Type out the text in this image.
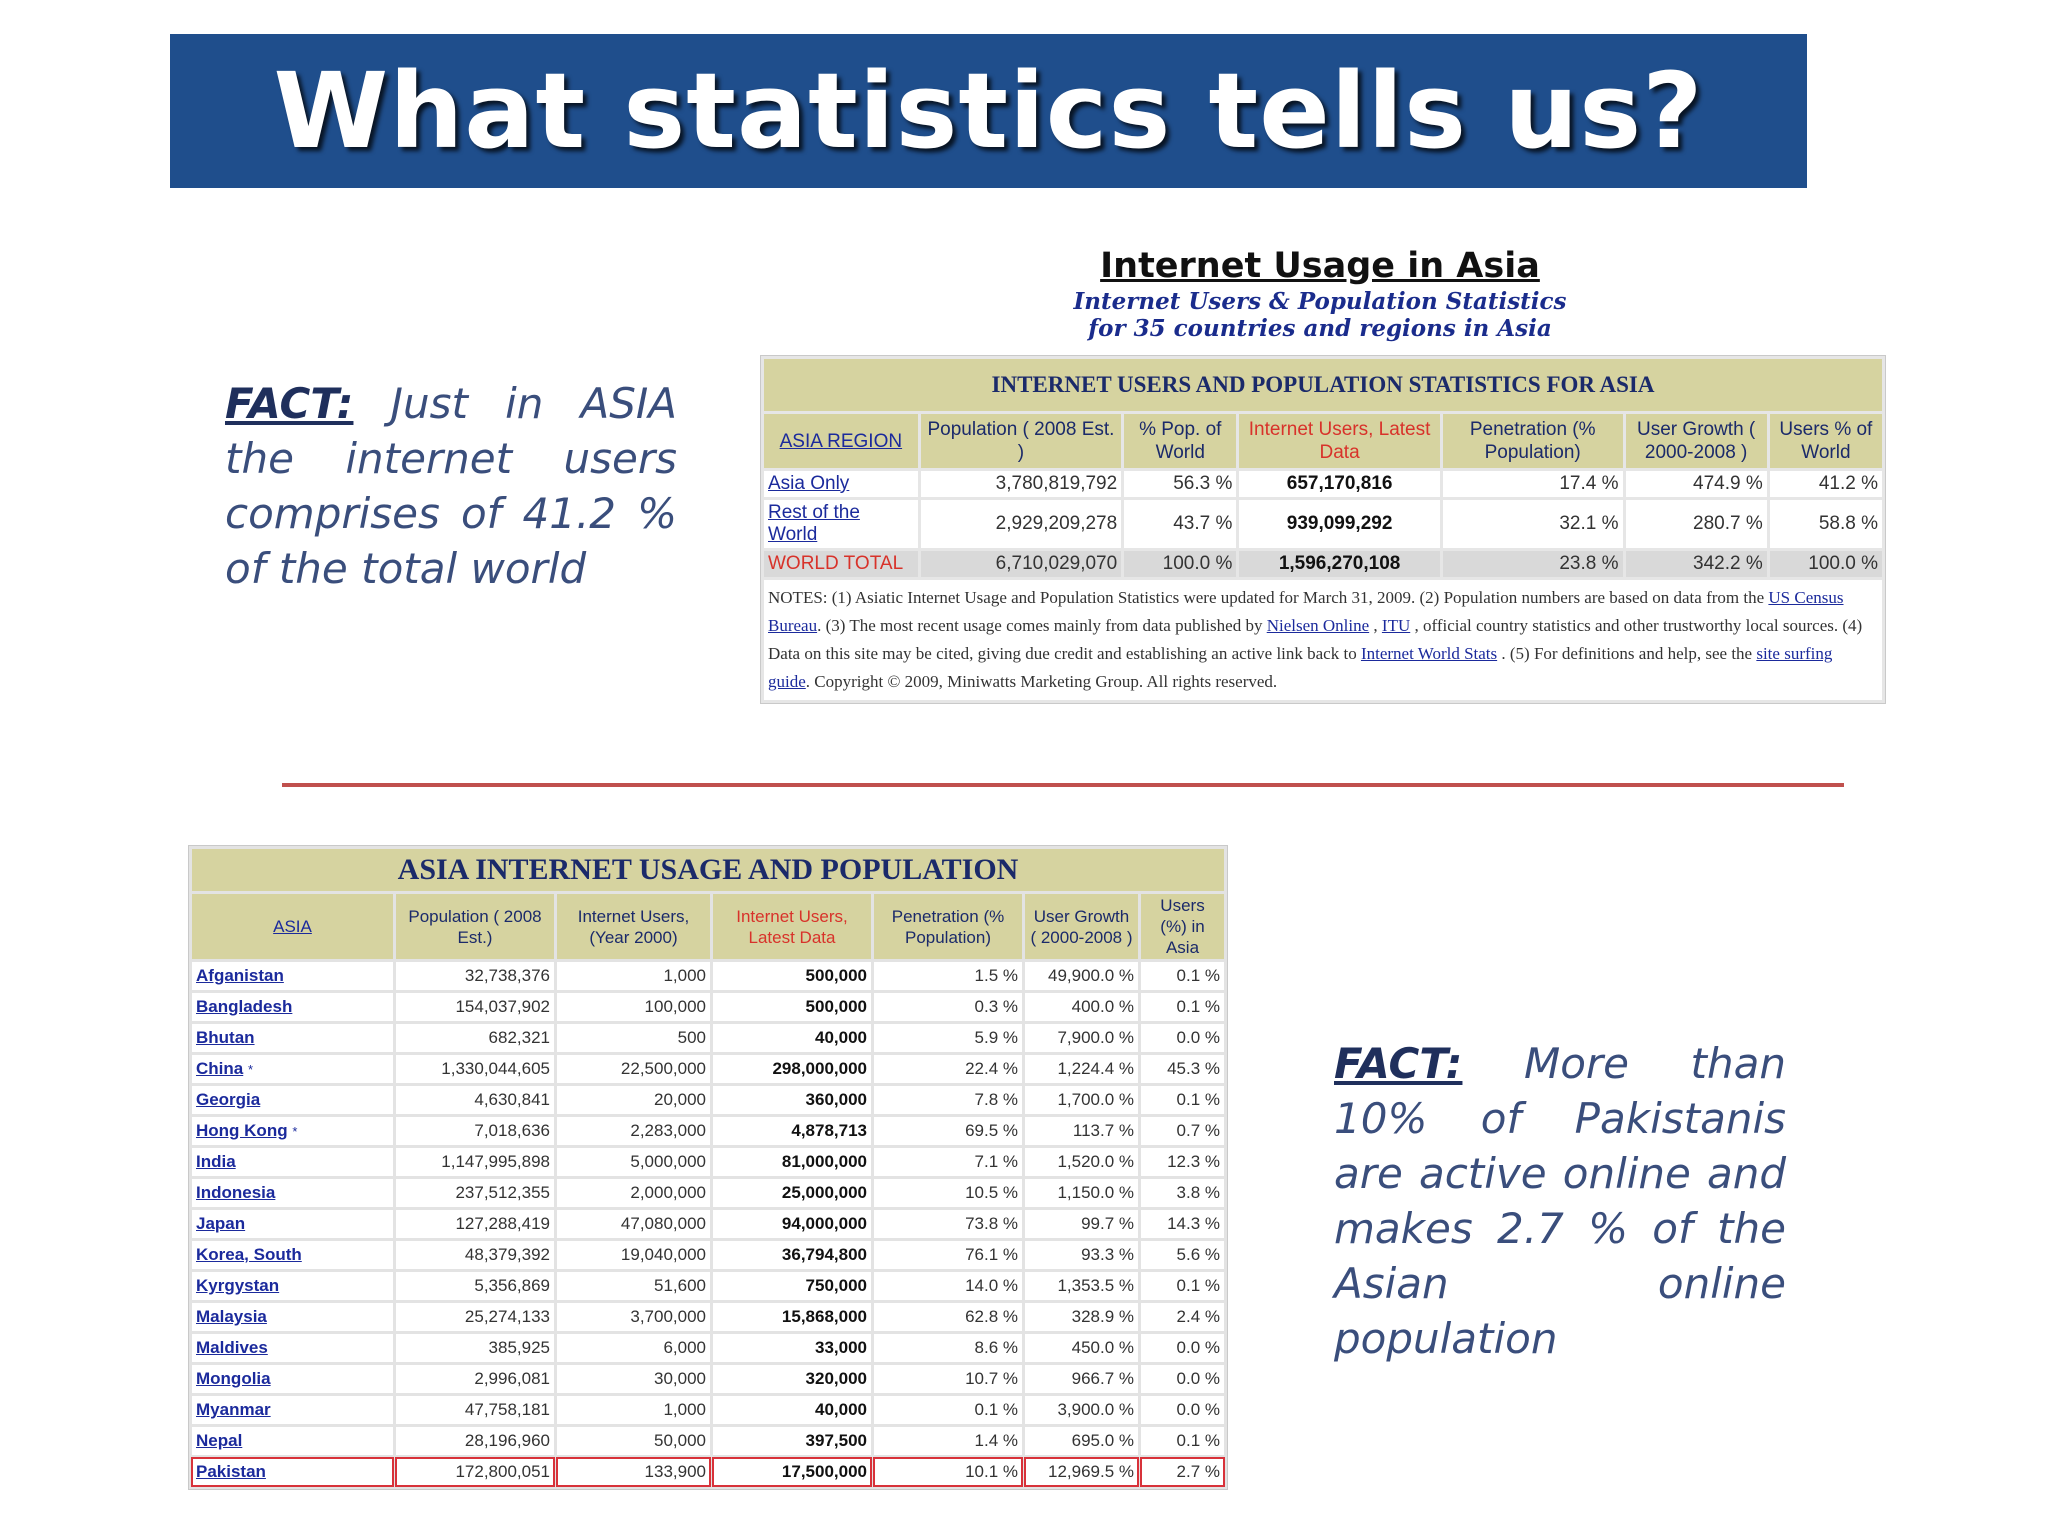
What statistics tells us?
FACT: Just in ASIA the internet users comprises of 41.2 % of the total world
Internet Usage in Asia
Internet Users & Population Statistics
for 35 countries and regions in Asia
INTERNET USERS AND POPULATION STATISTICS FOR ASIA						
ASIA REGION	Population ( 2008 Est. )	% Pop. of World	Internet Users, Latest Data	Penetration (% Population)	User Growth ( 2000-2008 )	Users % of World
Asia Only	3,780,819,792	56.3 %	657,170,816	17.4 %	474.9 %	41.2 %
Rest of the World	2,929,209,278	43.7 %	939,099,292	32.1 %	280.7 %	58.8 %
WORLD TOTAL	6,710,029,070	100.0 %	1,596,270,108	23.8 %	342.2 %	100.0 %
NOTES: (1) Asiatic Internet Usage and Population Statistics were updated for March 31, 2009. (2) Population numbers are based on data from the US Census Bureau. (3) The most recent usage comes mainly from data published by Nielsen Online , ITU , official country statistics and other trustworthy local sources. (4) Data on this site may be cited, giving due credit and establishing an active link back to Internet World Stats . (5) For definitions and help, see the site surfing guide. Copyright © 2009, Miniwatts Marketing Group. All rights reserved.						
ASIA INTERNET USAGE AND POPULATION						
ASIA	Population ( 2008 Est.)	Internet Users, (Year 2000)	Internet Users, Latest Data	Penetration (% Population)	User Growth ( 2000-2008 )	Users (%) in Asia
Afganistan	32,738,376	1,000	500,000	1.5 %	49,900.0 %	0.1 %
Bangladesh	154,037,902	100,000	500,000	0.3 %	400.0 %	0.1 %
Bhutan	682,321	500	40,000	5.9 %	7,900.0 %	0.0 %
China *	1,330,044,605	22,500,000	298,000,000	22.4 %	1,224.4 %	45.3 %
Georgia	4,630,841	20,000	360,000	7.8 %	1,700.0 %	0.1 %
Hong Kong *	7,018,636	2,283,000	4,878,713	69.5 %	113.7 %	0.7 %
India	1,147,995,898	5,000,000	81,000,000	7.1 %	1,520.0 %	12.3 %
Indonesia	237,512,355	2,000,000	25,000,000	10.5 %	1,150.0 %	3.8 %
Japan	127,288,419	47,080,000	94,000,000	73.8 %	99.7 %	14.3 %
Korea, South	48,379,392	19,040,000	36,794,800	76.1 %	93.3 %	5.6 %
Kyrgystan	5,356,869	51,600	750,000	14.0 %	1,353.5 %	0.1 %
Malaysia	25,274,133	3,700,000	15,868,000	62.8 %	328.9 %	2.4 %
Maldives	385,925	6,000	33,000	8.6 %	450.0 %	0.0 %
Mongolia	2,996,081	30,000	320,000	10.7 %	966.7 %	0.0 %
Myanmar	47,758,181	1,000	40,000	0.1 %	3,900.0 %	0.0 %
Nepal	28,196,960	50,000	397,500	1.4 %	695.0 %	0.1 %
Pakistan	172,800,051	133,900	17,500,000	10.1 %	12,969.5 %	2.7 %
FACT: More than 10% of Pakistanis are active online and makes 2.7 % of the Asian online population
